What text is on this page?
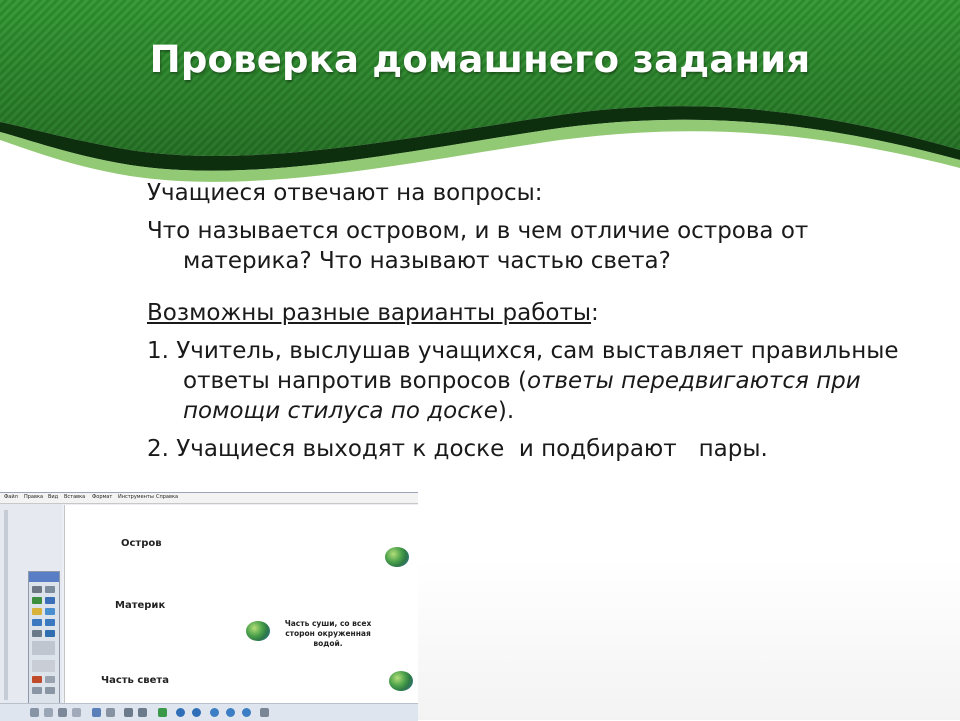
Проверка домашнего задания

Учащиеся отвечают на вопросы:

Что называется островом, и в чем отличие острова от материка? Что называют частью света?

Возможны разные варианты работы:

1. Учитель, выслушав учащихся, сам выставляет правильные ответы напротив вопросов (ответы передвигаются при помощи стилуса по доске).

2. Учащиеся выходят к доске  и подбирают   пары.

Файл Правка Вид Вставка Формат Инструменты Справка
Остров
Материк
Часть света
Часть суши, со всех
сторон окруженная
водой.
